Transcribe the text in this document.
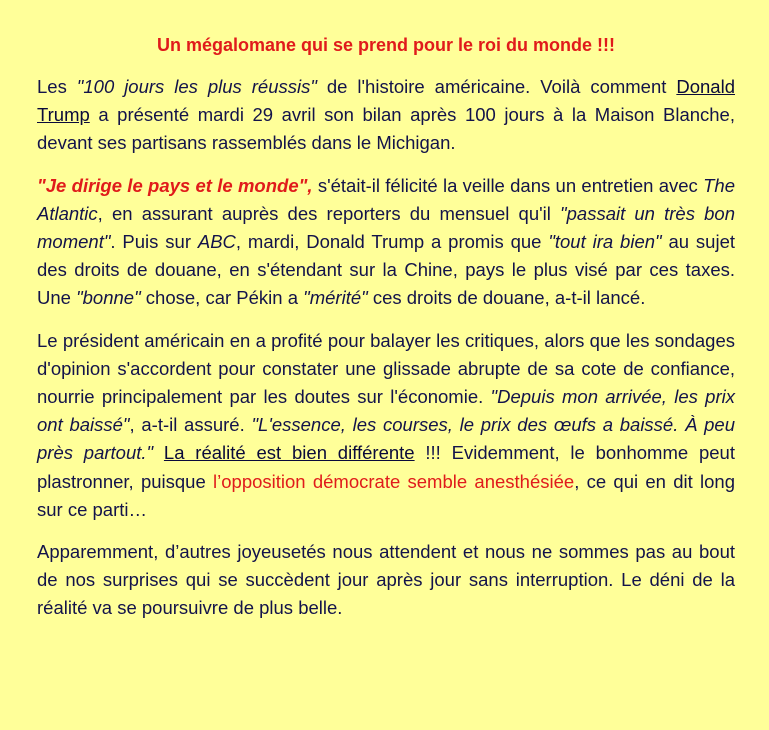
Un mégalomane qui se prend pour le roi du monde !!!

Les "100 jours les plus réussis" de l'histoire américaine. Voilà comment Donald Trump a présenté mardi 29 avril son bilan après 100 jours à la Maison Blanche, devant ses partisans rassemblés dans le Michigan.

"Je dirige le pays et le monde", s'était-il félicité la veille dans un entretien avec The Atlantic, en assurant auprès des reporters du mensuel qu'il "passait un très bon moment". Puis sur ABC, mardi, Donald Trump a promis que "tout ira bien" au sujet des droits de douane, en s'étendant sur la Chine, pays le plus visé par ces taxes. Une "bonne" chose, car Pékin a "mérité" ces droits de douane, a-t-il lancé.

Le président américain en a profité pour balayer les critiques, alors que les sondages d'opinion s'accordent pour constater une glissade abrupte de sa cote de confiance, nourrie principalement par les doutes sur l'économie. "Depuis mon arrivée, les prix ont baissé", a-t-il assuré. "L'essence, les courses, le prix des œufs a baissé. À peu près partout." La réalité est bien différente !!! Evidemment, le bonhomme peut plastronner, puisque l’opposition démocrate semble anesthésiée, ce qui en dit long sur ce parti…

Apparemment, d’autres joyeusetés nous attendent et nous ne sommes pas au bout de nos surprises qui se succèdent jour après jour sans interruption. Le déni de la réalité va se poursuivre de plus belle.
